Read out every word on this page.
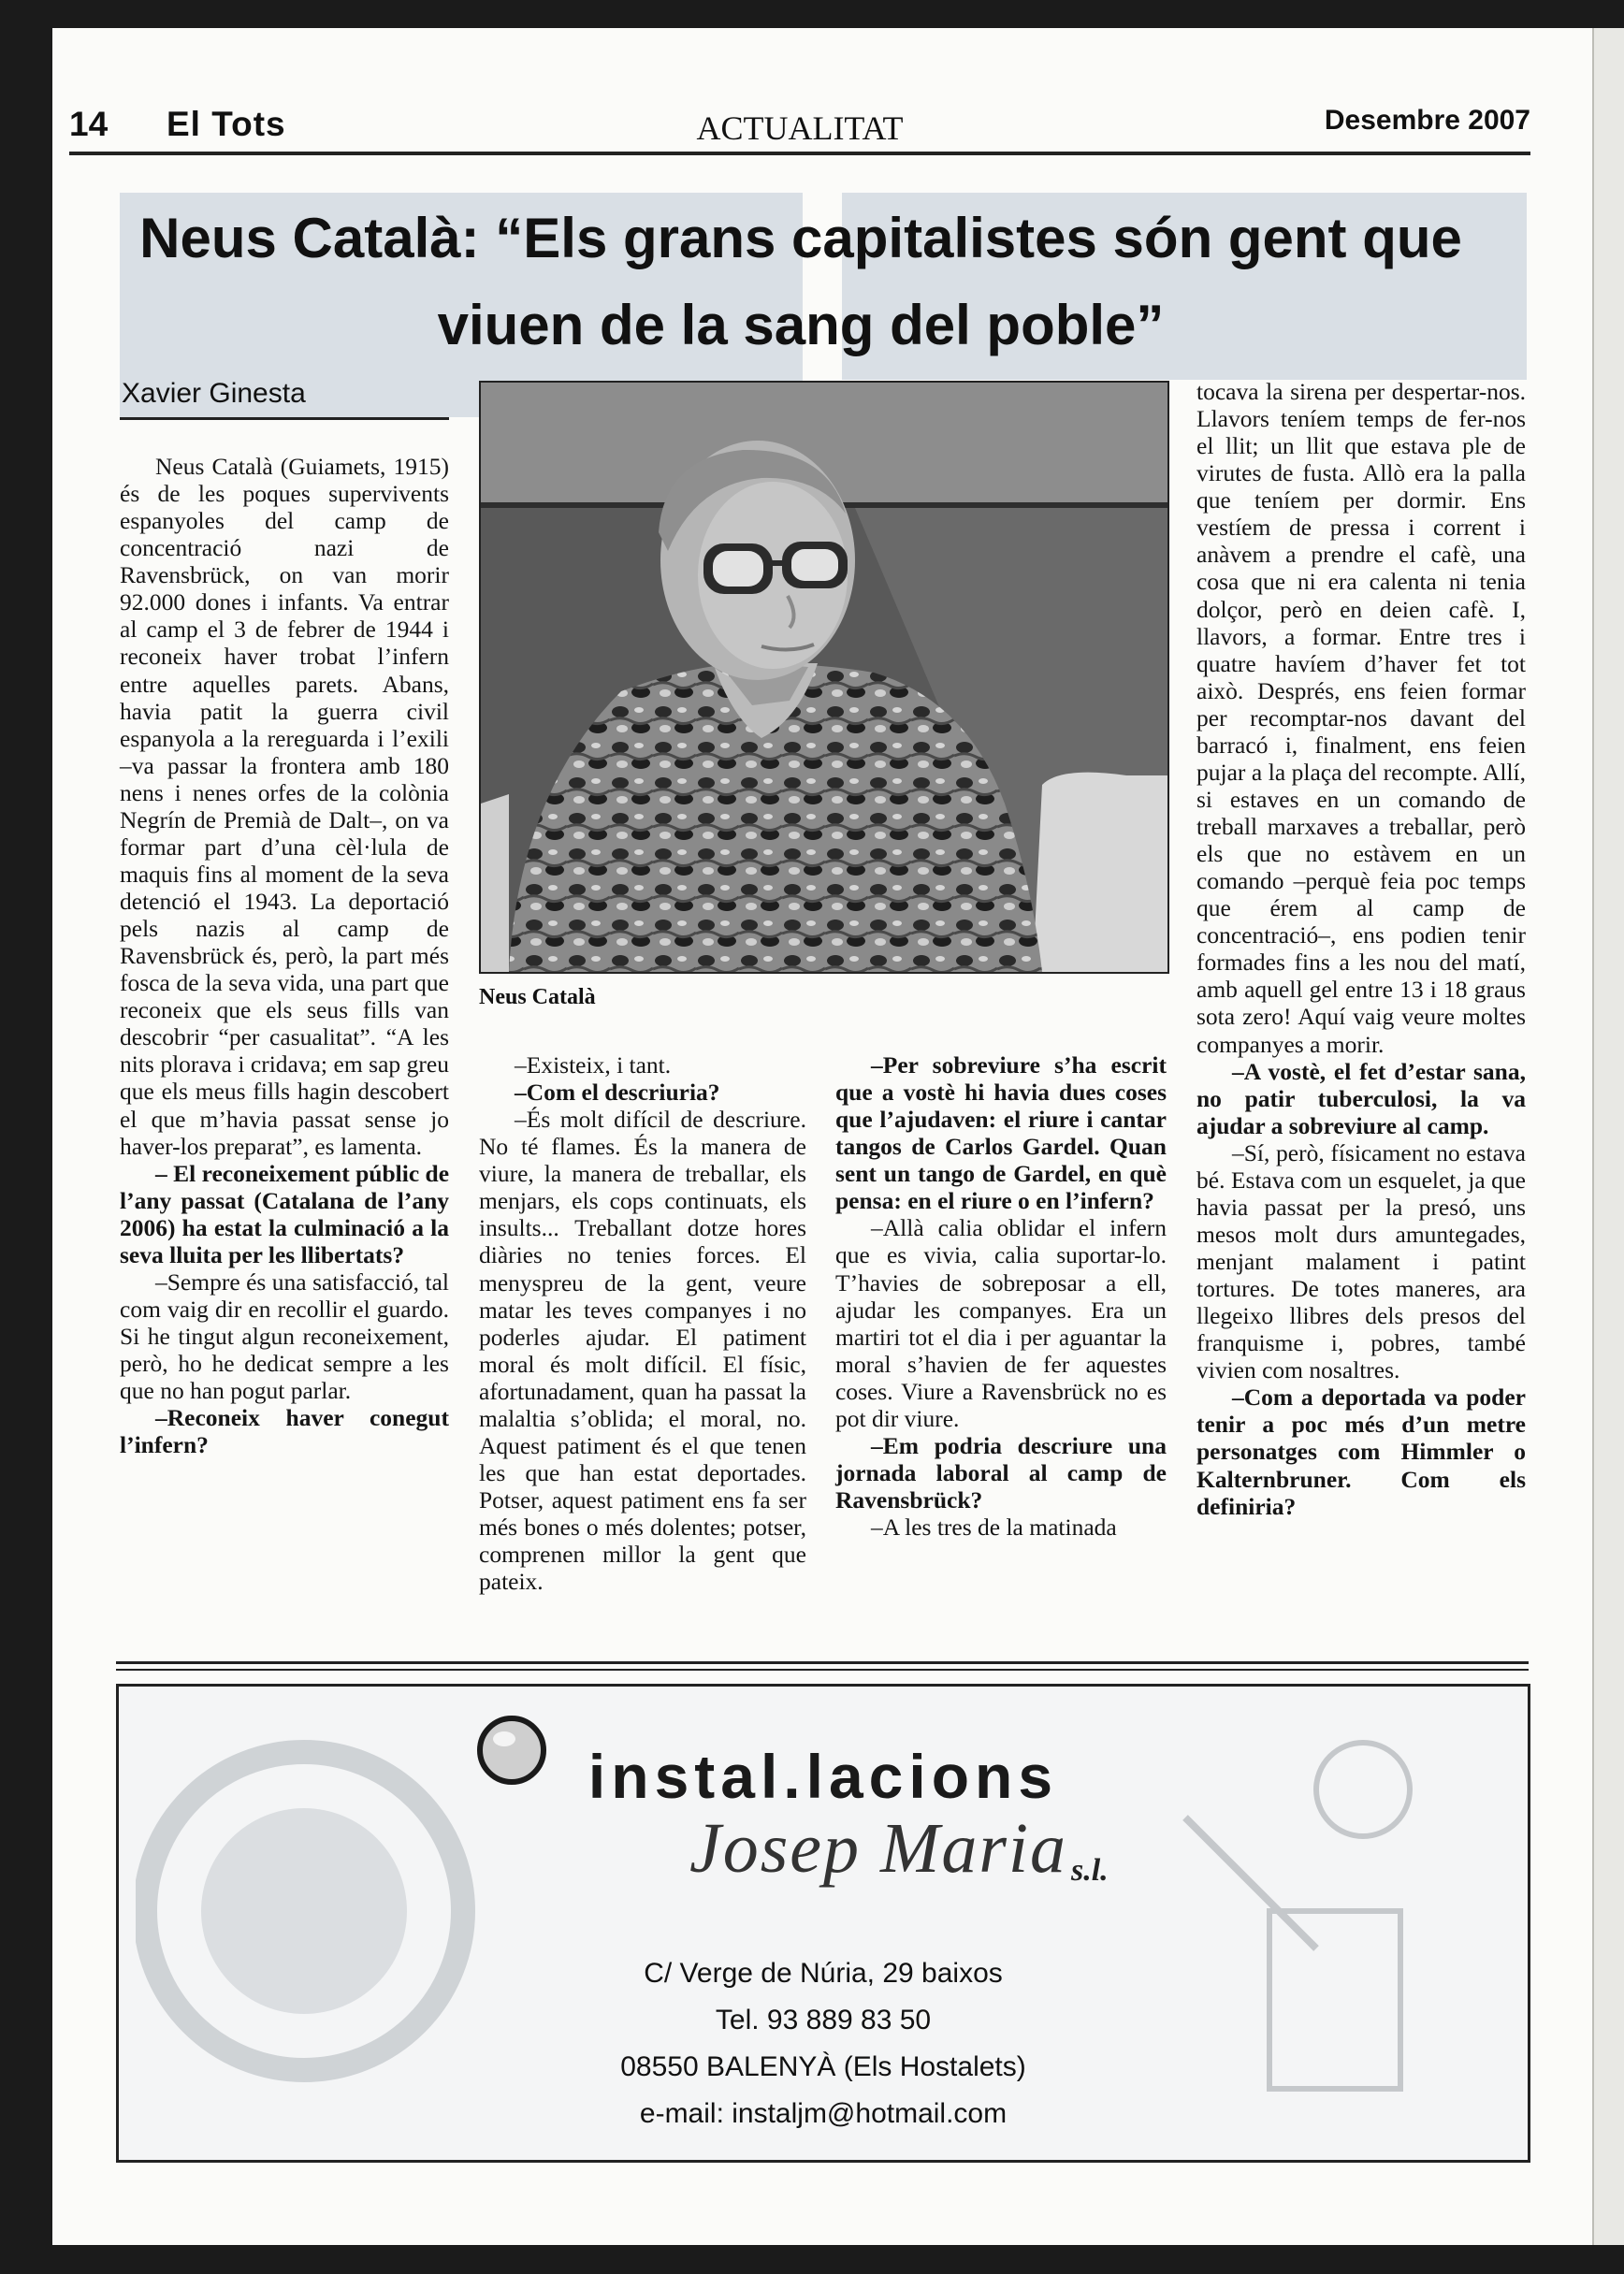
14 El Tots	ACTUALITAT	Desembre 2007
Neus Català: “Els grans capitalistes són gent que viuen de la sang del poble”
Xavier Ginesta

Neus Català (Guiamets, 1915) és de les poques supervivents espanyoles del camp de concentració nazi de Ravensbrück, on van morir 92.000 dones i infants. Va entrar al camp el 3 de febrer de 1944 i reconeix haver trobat l’infern entre aquelles parets. Abans, havia patit la guerra civil espanyola a la rereguarda i l’exili –va passar la frontera amb 180 nens i nenes orfes de la colònia Negrín de Premià de Dalt–, on va formar part d’una cèl·lula de maquis fins al moment de la seva detenció el 1943. La deportació pels nazis al camp de Ravensbrück és, però, la part més fosca de la seva vida, una part que reconeix que els seus fills van descobrir “per casualitat”. “A les nits plorava i cridava; em sap greu que els meus fills hagin descobert el que m’havia passat sense jo haver-los preparat”, es lamenta.

– El reconeixement públic de l’any passat (Catalana de l’any 2006) ha estat la culminació a la seva lluita per les llibertats?

–Sempre és una satisfacció, tal com vaig dir en recollir el guardo. Si he tingut algun reconeixement, però, ho he dedicat sempre a les que no han pogut parlar.

–Reconeix haver conegut l’infern?

–Existeix, i tant.

–Com el descriuria?

–És molt difícil de descriure. No té flames. És la manera de viure, la manera de treballar, els menjars, els cops continuats, els insults... Treballant dotze hores diàries no tenies forces. El menyspreu de la gent, veure matar les teves companyes i no poderles ajudar. El patiment moral és molt difícil. El físic, afortunadament, quan ha passat la malaltia s’oblida; el moral, no. Aquest patiment és el que tenen les que han estat deportades. Potser, aquest patiment ens fa ser més bones o més dolentes; potser, comprenen millor la gent que pateix.

–Per sobreviure s’ha escrit que a vostè hi havia dues coses que l’ajudaven: el riure i cantar tangos de Carlos Gardel. Quan sent un tango de Gardel, en què pensa: en el riure o en l’infern?

–Allà calia oblidar el infern que es vivia, calia suportar-lo. T’havies de sobreposar a ell, ajudar les companyes. Era un martiri tot el dia i per aguantar la moral s’havien de fer aquestes coses. Viure a Ravensbrück no es pot dir viure.

–Em podria descriure una jornada laboral al camp de Ravensbrück?

–A les tres de la matinada

tocava la sirena per despertar-nos. Llavors teníem temps de fer-nos el llit; un llit que estava ple de virutes de fusta. Allò era la palla que teníem per dormir. Ens vestíem de pressa i corrent i anàvem a prendre el cafè, una cosa que ni era calenta ni tenia dolçor, però en deien cafè. I, llavors, a formar. Entre tres i quatre havíem d’haver fet tot això. Després, ens feien formar per recomptar-nos davant del barracó i, finalment, ens feien pujar a la plaça del recompte. Allí, si estaves en un comando de treball marxaves a treballar, però els que no estàvem en un comando –perquè feia poc temps que érem al camp de concentració–, ens podien tenir formades fins a les nou del matí, amb aquell gel entre 13 i 18 graus sota zero! Aquí vaig veure moltes companyes a morir.

–A vostè, el fet d’estar sana, no patir tuberculosi, la va ajudar a sobreviure al camp.

–Sí, però, físicament no estava bé. Estava com un esquelet, ja que havia passat per la presó, uns mesos molt durs amuntegades, menjant malament i patint tortures. De totes maneres, ara llegeixo llibres dels presos del franquisme i, pobres, també vivien com nosaltres.

–Com a deportada va poder tenir a poc més d’un metre personatges com Himmler o Kalternbruner. Com els definiria?

Neus Català
instal.lacions
Josep Maria s.l.
C/ Verge de Núria, 29 baixos
Tel. 93 889 83 50
08550 BALENYÀ (Els Hostalets)
e-mail: instaljm@hotmail.com
